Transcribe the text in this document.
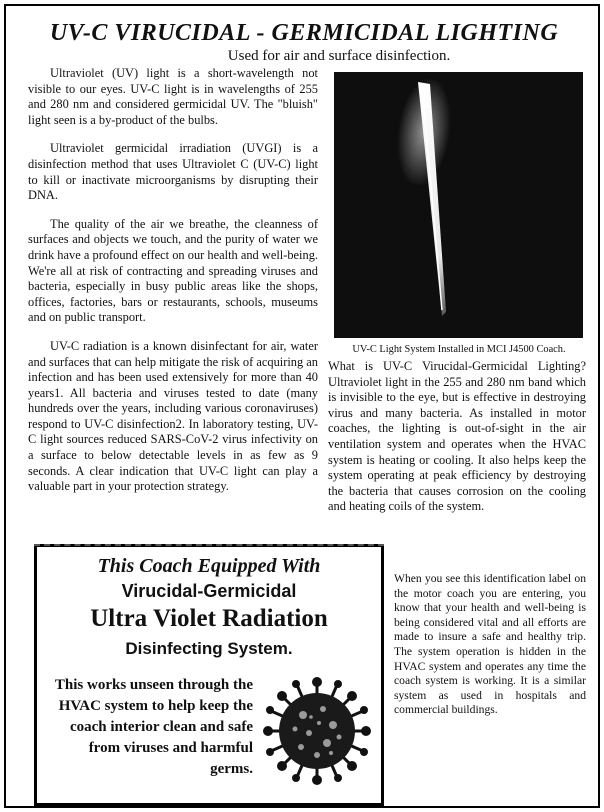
UV-C VIRUCIDAL - GERMICIDAL LIGHTING
Used for air and surface disinfection.

Ultraviolet (UV) light is a short-wavelength not visible to our eyes. UV-C light is in wavelengths of 255 and 280 nm and considered germicidal UV. The "bluish" light seen is a by-product of the bulbs.

Ultraviolet germicidal irradiation (UVGI) is a disinfection method that uses Ultraviolet C (UV-C) light to kill or inactivate microorganisms by disrupting their DNA.

The quality of the air we breathe, the cleanness of surfaces and objects we touch, and the purity of water we drink have a profound effect on our health and well-being. We're all at risk of contracting and spreading viruses and bacteria, especially in busy public areas like the shops, offices, factories, bars or restaurants, schools, museums and on public transport.

UV-C radiation is a known disinfectant for air, water and surfaces that can help mitigate the risk of acquiring an infection and has been used extensively for more than 40 years1. All bacteria and viruses tested to date (many hundreds over the years, including various coronaviruses) respond to UV-C disinfection2. In laboratory testing, UV-C light sources reduced SARS-CoV-2 virus infectivity on a surface to below detectable levels in as few as 9 seconds. A clear indication that UV-C light can play a valuable part in your protection strategy.

UV-C Light System Installed in MCI J4500 Coach.
What is UV-C Virucidal-Germicidal Lighting? Ultraviolet light in the 255 and 280 nm band which is invisible to the eye, but is effective in destroying virus and many bacteria. As installed in motor coaches, the lighting is out-of-sight in the air ventilation system and operates when the HVAC system is heating or cooling. It also helps keep the system operating at peak efficiency by destroying the bacteria that causes corrosion on the cooling and heating coils of the system.
This Coach Equipped With
Virucidal-Germicidal
Ultra Violet Radiation
Disinfecting System.
This works unseen through the HVAC system to help keep the coach interior clean and safe from viruses and harmful germs.
When you see this identification label on the motor coach you are entering, you know that your health and well-being is being considered vital and all efforts are made to insure a safe and healthy trip. The system operation is hidden in the HVAC system and operates any time the coach system is working. It is a similar system as used in hospitals and commercial buildings.
